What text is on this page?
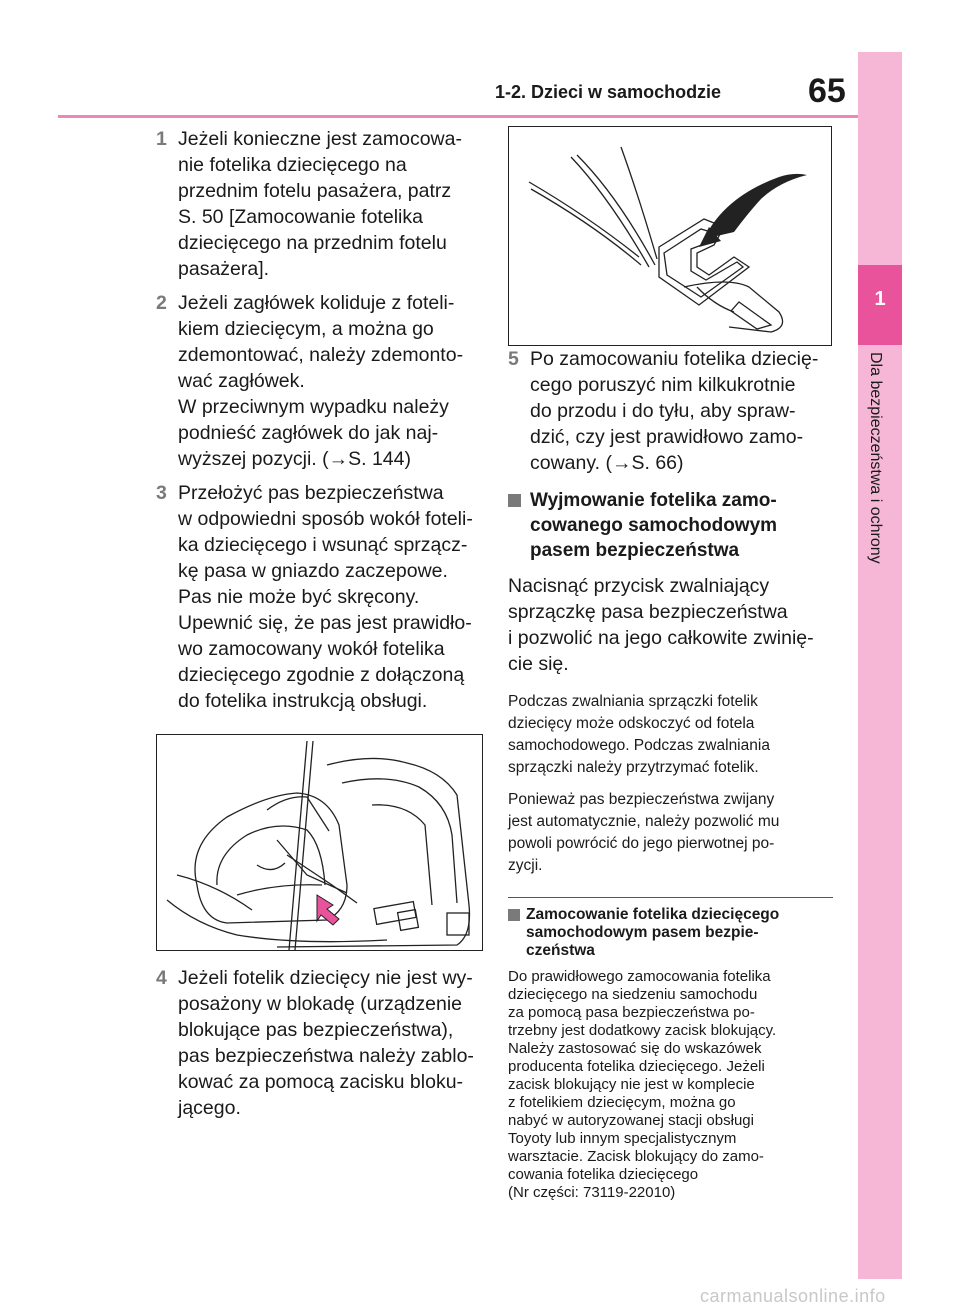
1-2. Dzieci w samochodzie	65
1
Dla bezpieczeństwa i ochrony
1 Jeżeli konieczne jest zamocowa-
nie fotelika dziecięcego na
przednim fotelu pasażera, patrz
S. 50 [Zamocowanie fotelika
dziecięcego na przednim fotelu
pasażera].

2 Jeżeli zagłówek koliduje z foteli-
kiem dziecięcym, a można go
zdemontować, należy zdemonto-
wać zagłówek.
W przeciwnym wypadku należy
podnieść zagłówek do jak naj-
wyższej pozycji. (→S. 144)

3 Przełożyć pas bezpieczeństwa
w odpowiedni sposób wokół foteli-
ka dziecięcego i wsunąć sprzącz-
kę pasa w gniazdo zaczepowe.
Pas nie może być skręcony.
Upewnić się, że pas jest prawidło-
wo zamocowany wokół fotelika
dziecięcego zgodnie z dołączoną
do fotelika instrukcją obsługi.

4 Jeżeli fotelik dziecięcy nie jest wy-
posażony w blokadę (urządzenie
blokujące pas bezpieczeństwa),
pas bezpieczeństwa należy zablo-
kować za pomocą zacisku bloku-
jącego.

5 Po zamocowaniu fotelika dziecię-
cego poruszyć nim kilkukrotnie
do przodu i do tyłu, aby spraw-
dzić, czy jest prawidłowo zamo-
cowany. (→S. 66)

Wyjmowanie fotelika zamo-
cowanego samochodowym
pasem bezpieczeństwa

Nacisnąć przycisk zwalniający
sprzączkę pasa bezpieczeństwa
i pozwolić na jego całkowite zwinię-
cie się.

Podczas zwalniania sprzączki fotelik
dziecięcy może odskoczyć od fotela
samochodowego. Podczas zwalniania
sprzączki należy przytrzymać fotelik.

Ponieważ pas bezpieczeństwa zwijany
jest automatycznie, należy pozwolić mu
powoli powrócić do jego pierwotnej po-
zycji.

Zamocowanie fotelika dziecięcego
samochodowym pasem bezpie-
czeństwa

Do prawidłowego zamocowania fotelika
dziecięcego na siedzeniu samochodu
za pomocą pasa bezpieczeństwa po-
trzebny jest dodatkowy zacisk blokujący.
Należy zastosować się do wskazówek
producenta fotelika dziecięcego. Jeżeli
zacisk blokujący nie jest w komplecie
z fotelikiem dziecięcym, można go
nabyć w autoryzowanej stacji obsługi
Toyoty lub innym specjalistycznym
warsztacie. Zacisk blokujący do zamo-
cowania fotelika dziecięcego
(Nr części: 73119-22010)

carmanualsonline.info
